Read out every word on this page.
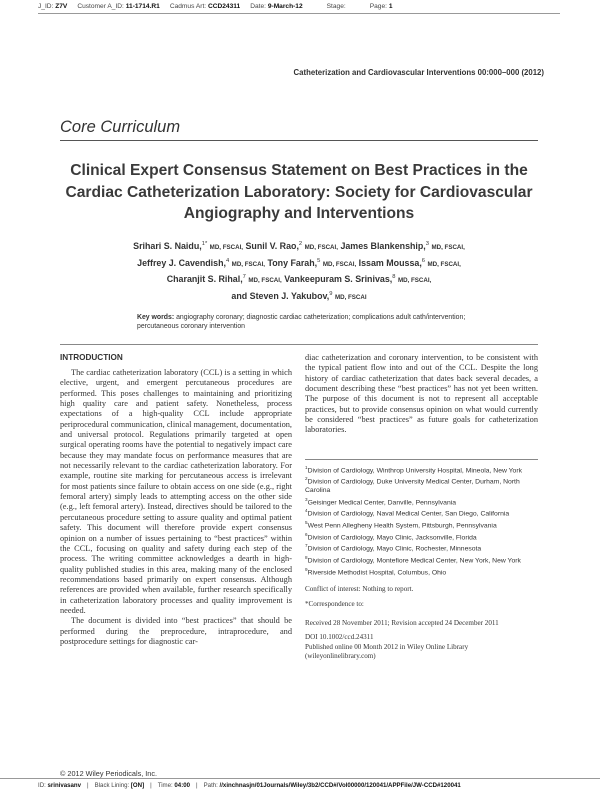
J_ID: Z7V Customer A_ID: 11-1714.R1 Cadmus Art: CCD24311 Date: 9-March-12	Stage:	Page: 1
Catheterization and Cardiovascular Interventions 00:000–000 (2012)
Core Curriculum
Clinical Expert Consensus Statement on Best Practices in the Cardiac Catheterization Laboratory: Society for Cardiovascular Angiography and Interventions
Srihari S. Naidu,$^{1*}$ MD, FSCAI, Sunil V. Rao,$^2$ MD, FSCAI, James Blankenship,$^3$ MD, FSCAI,
Jeffrey J. Cavendish,$^4$ MD, FSCAI, Tony Farah,$^5$ MD, FSCAI, Issam Moussa,$^6$ MD, FSCAI,
Charanjit S. Rihal,$^7$ MD, FSCAI, Vankeepuram S. Srinivas,$^8$ MD, FSCAI,
and Steven J. Yakubov,$^9$ MD, FSCAI
Key words: angiography coronary; diagnostic cardiac catheterization; complications adult cath/intervention; percutaneous coronary intervention
INTRODUCTION

The cardiac catheterization laboratory (CCL) is a setting in which elective, urgent, and emergent percutaneous procedures are performed. This poses challenges to maintaining and prioritizing high quality care and patient safety. Nonetheless, process expectations of a high-quality CCL include appropriate periprocedural communication, clinical management, documentation, and universal protocol. Regulations primarily targeted at open surgical operating rooms have the potential to negatively impact care because they may mandate focus on performance measures that are not necessarily relevant to the cardiac catheterization laboratory. For example, routine site marking for percutaneous access is irrelevant for most patients since failure to obtain access on one side (e.g., right femoral artery) simply leads to attempting access on the other side (e.g., left femoral artery). Instead, directives should be tailored to the percutaneous procedure setting to assure quality and optimal patient safety. This document will therefore provide expert consensus opinion on a number of issues pertaining to “best practices” within the CCL, focusing on quality and safety during each step of the process. The writing committee acknowledges a dearth in high-quality published studies in this area, making many of the enclosed recommendations based primarily on expert consensus. Although references are provided when available, further research specifically in catheterization laboratory processes and quality improvement is needed.

The document is divided into “best practices” that should be performed during the preprocedure, intraprocedure, and postprocedure settings for diagnostic car-

diac catheterization and coronary intervention, to be consistent with the typical patient flow into and out of the CCL. Despite the long history of cardiac catheterization that dates back several decades, a document describing these “best practices” has not yet been written. The purpose of this document is not to represent all acceptable practices, but to provide consensus opinion on what would currently be considered “best practices” as future goals for catheterization laboratories.

$^1$Division of Cardiology, Winthrop University Hospital, Mineola, New York
$^2$Division of Cardiology, Duke University Medical Center, Durham, North Carolina
$^3$Geisinger Medical Center, Danville, Pennsylvania
$^4$Division of Cardiology, Naval Medical Center, San Diego, California
$^5$West Penn Allegheny Health System, Pittsburgh, Pennsylvania
$^6$Division of Cardiology, Mayo Clinic, Jacksonville, Florida
$^7$Division of Cardiology, Mayo Clinic, Rochester, Minnesota
$^8$Division of Cardiology, Montefiore Medical Center, New York, New York
$^9$Riverside Methodist Hospital, Columbus, Ohio
Conflict of interest: Nothing to report.
*Correspondence to:
Received 28 November 2011; Revision accepted 24 December 2011
DOI 10.1002/ccd.24311
Published online 00 Month 2012 in Wiley Online Library (wileyonlinelibrary.com)
© 2012 Wiley Periodicals, Inc.
ID: srinivasanv | Black Lining: [ON] | Time: 04:00 | Path: //xinchnasjn/01Journals/Wiley/3b2/CCD#/Vol00000/120041/APPFile/JW-CCD#120041
